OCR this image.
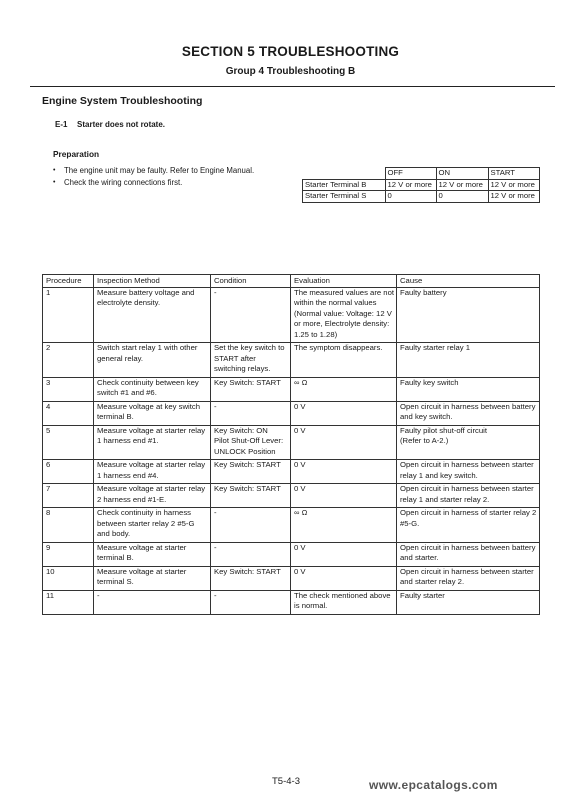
SECTION 5 TROUBLESHOOTING
Group 4 Troubleshooting B
Engine System Troubleshooting
E-1 Starter does not rotate.
Preparation
• The engine unit may be faulty. Refer to Engine Manual.
• Check the wiring connections first.
	OFF	ON	START
Starter Terminal B	12 V or more	12 V or more	12 V or more
Starter Terminal S	0	0	12 V or more
Procedure	Inspection Method	Condition	Evaluation	Cause
1	Measure battery voltage and electrolyte density.	-	The measured values are not within the normal values
(Normal value: Voltage: 12 V or more, Electrolyte density: 1.25 to 1.28)	Faulty battery
2	Switch start relay 1 with other general relay.	Set the key switch to START after switching relays.	The symptom disappears.	Faulty starter relay 1
3	Check continuity between key switch #1 and #6.	Key Switch: START	∞ Ω	Faulty key switch
4	Measure voltage at key switch terminal B.	-	0 V	Open circuit in harness between battery and key switch.
5	Measure voltage at starter relay 1 harness end #1.	Key Switch: ON
Pilot Shut-Off Lever: UNLOCK Position	0 V	Faulty pilot shut-off circuit
(Refer to A-2.)
6	Measure voltage at starter relay 1 harness end #4.	Key Switch: START	0 V	Open circuit in harness between starter relay 1 and key switch.
7	Measure voltage at starter relay 2 harness end #1-E.	Key Switch: START	0 V	Open circuit in harness between starter relay 1 and starter relay 2.
8	Check continuity in harness between starter relay 2 #5-G and body.	-	∞ Ω	Open circuit in harness of starter relay 2 #5-G.
9	Measure voltage at starter terminal B.	-	0 V	Open circuit in harness between battery and starter.
10	Measure voltage at starter terminal S.	Key Switch: START	0 V	Open circuit in harness between starter and starter relay 2.
11	-	-	The check mentioned above is normal.	Faulty starter
T5-4-3	www.epcatalogs.com
